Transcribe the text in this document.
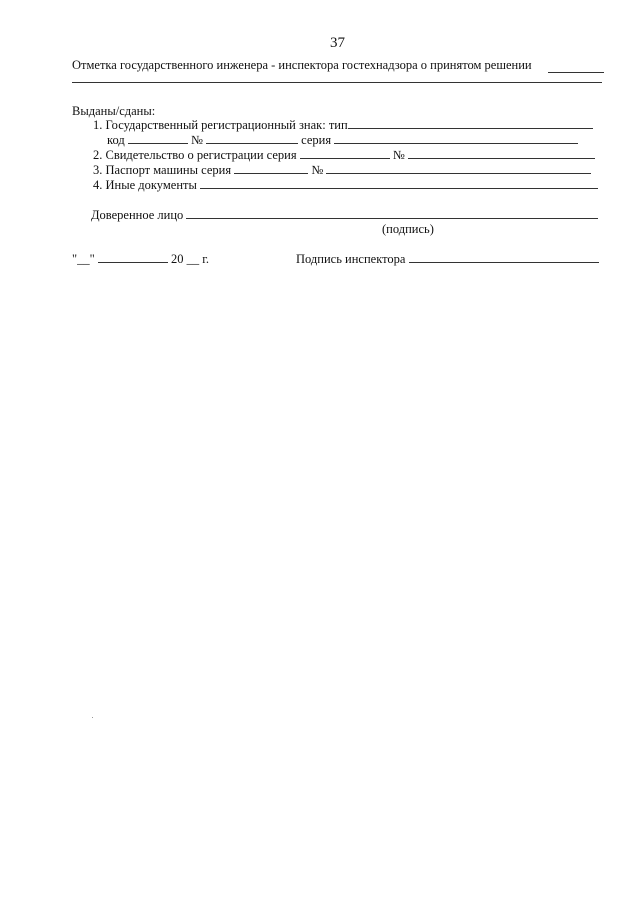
37
Отметка государственного инженера - инспектора гостехнадзора о принятом решении
Выданы/сданы:
1. Государственный регистрационный знак: тип
код	№	серия
2. Свидетельство о регистрации серия	№
3. Паспорт машины серия	№
4. Иные документы
Доверенное лицо
(подпись)
"__"	20 __ г.	Подпись инспектора
